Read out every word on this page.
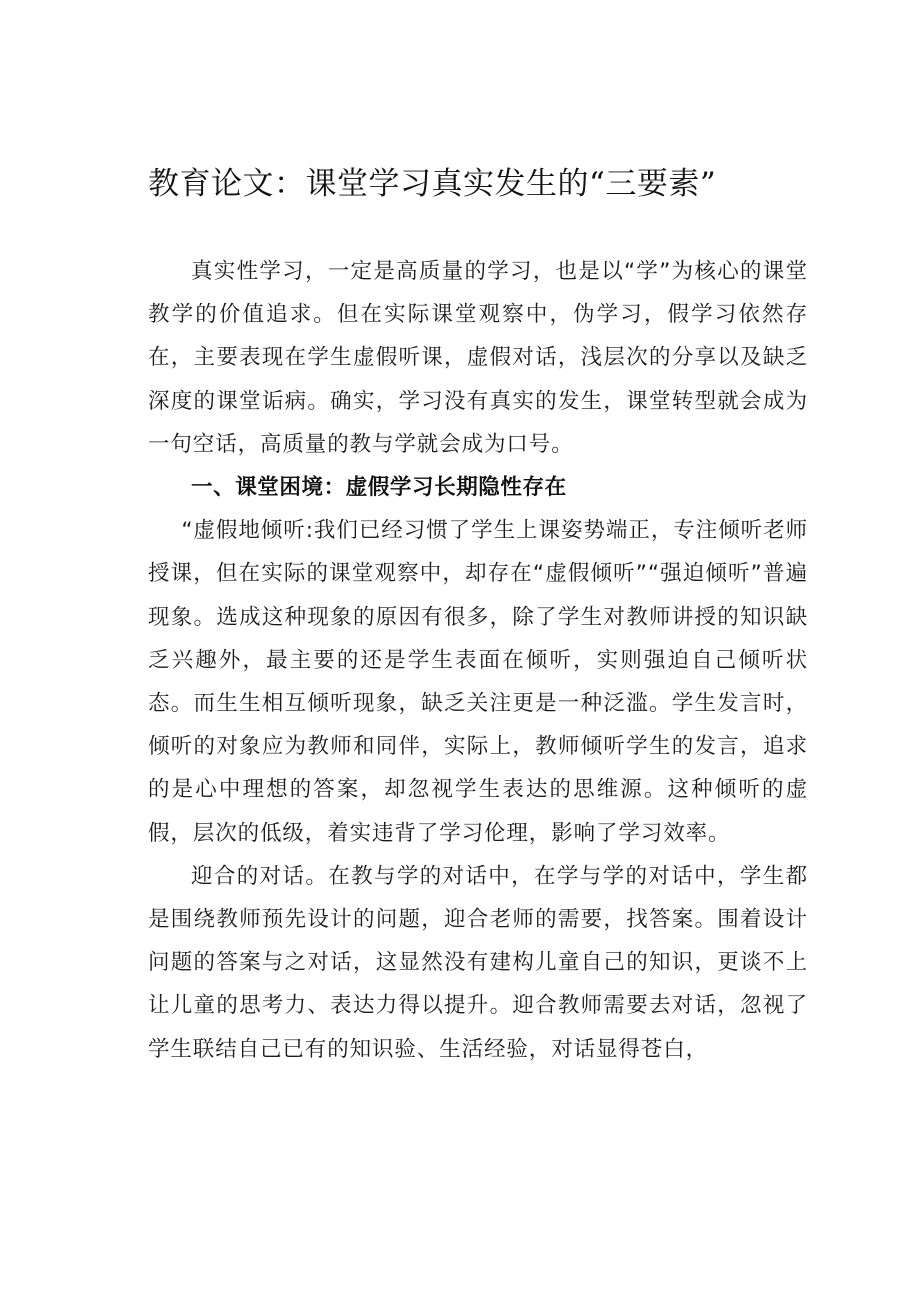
教育论文：课堂学习真实发生的“三要素”

真实性学习，一定是高质量的学习，也是以“学”为核心的课堂教学的价值追求。但在实际课堂观察中，伪学习，假学习依然存在，主要表现在学生虚假听课，虚假对话，浅层次的分享以及缺乏深度的课堂诟病。确实，学习没有真实的发生，课堂转型就会成为一句空话，高质量的教与学就会成为口号。

一、课堂困境：虚假学习长期隐性存在

“虚假地倾听:我们已经习惯了学生上课姿势端正，专注倾听老师授课，但在实际的课堂观察中，却存在“虚假倾听”“强迫倾听”普遍现象。选成这种现象的原因有很多，除了学生对教师讲授的知识缺乏兴趣外，最主要的还是学生表面在倾听，实则强迫自己倾听状态。而生生相互倾听现象，缺乏关注更是一种泛滥。学生发言时，倾听的对象应为教师和同伴，实际上，教师倾听学生的发言，追求的是心中理想的答案，却忽视学生表达的思维源。这种倾听的虚假，层次的低级，着实违背了学习伦理，影响了学习效率。

迎合的对话。在教与学的对话中，在学与学的对话中，学生都是围绕教师预先设计的问题，迎合老师的需要，找答案。围着设计问题的答案与之对话，这显然没有建构儿童自己的知识，更谈不上让儿童的思考力、表达力得以提升。迎合教师需要去对话，忽视了学生联结自己已有的知识验、生活经验，对话显得苍白，
